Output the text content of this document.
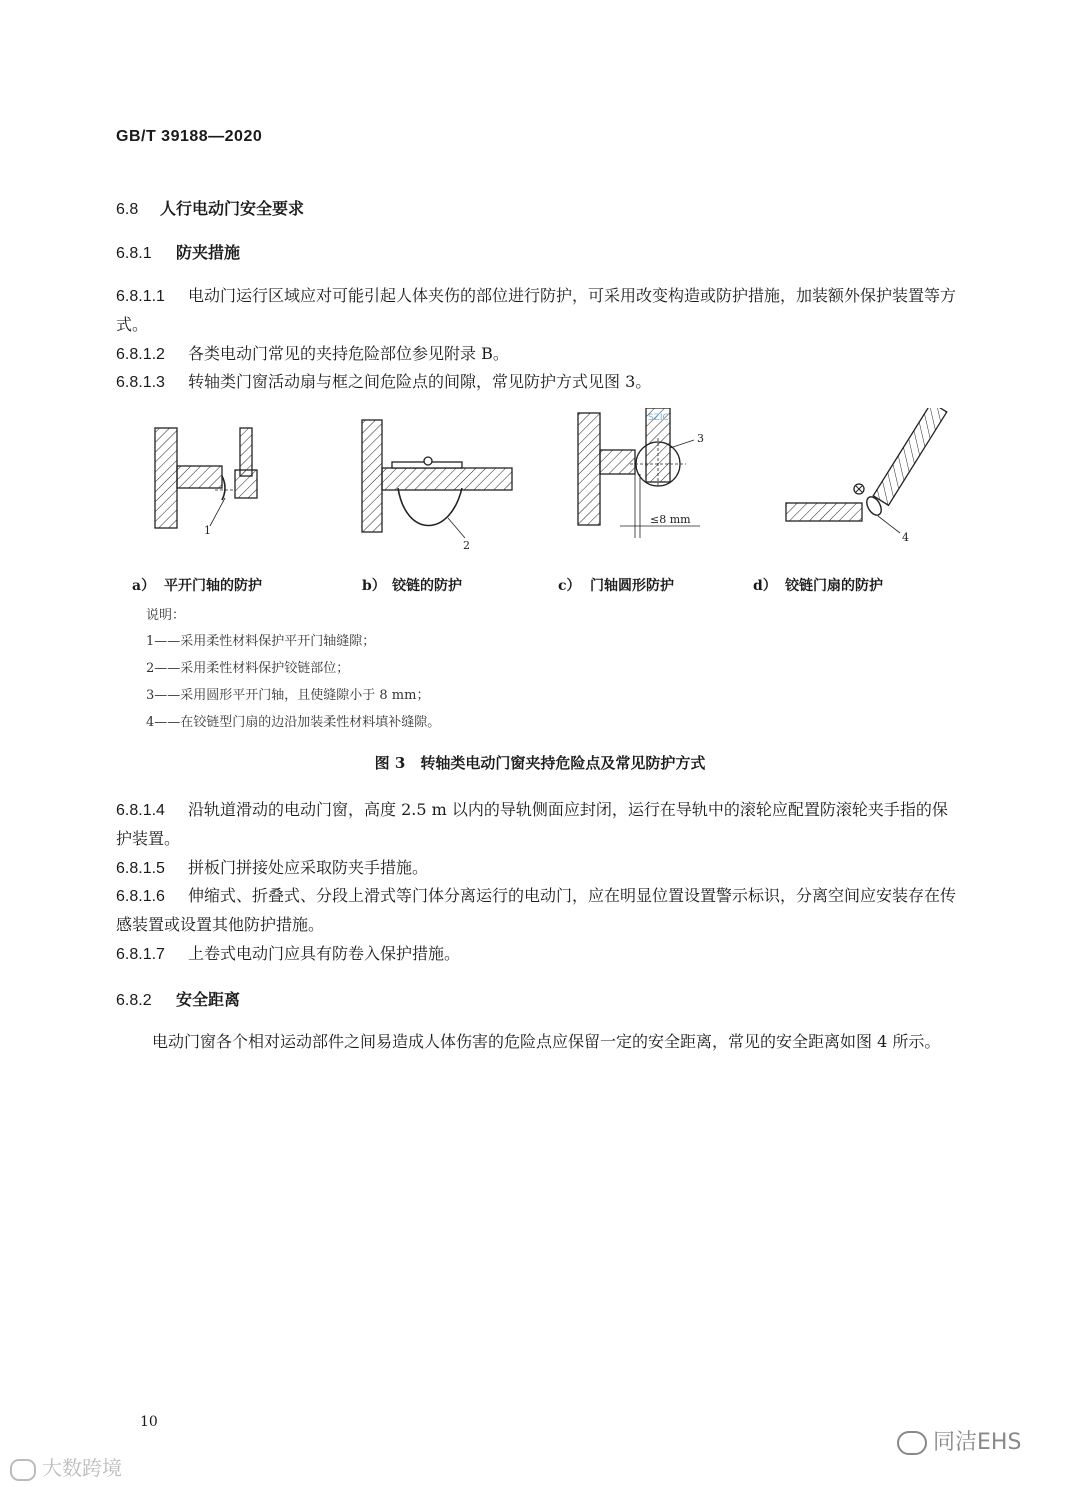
GB/T 39188—2020
6.8 人行电动门安全要求
6.8.1 防夹措施
6.8.1.1 电动门运行区域应对可能引起人体夹伤的部位进行防护，可采用改变构造或防护措施，加装额外保护装置等方式。
6.8.1.2 各类电动门常见的夹持危险部位参见附录 B。
6.8.1.3 转轴类门窗活动扇与框之间危险点的间隙，常见防护方式见图 3。
1
2
3
≤8 mm
SZIC
4
a） 平开门轴的防护	b） 铰链的防护	c） 门轴圆形防护	d） 铰链门扇的防护
说明：
1——采用柔性材料保护平开门轴缝隙；
2——采用柔性材料保护铰链部位；
3——采用圆形平开门轴，且使缝隙小于 8 mm；
4——在铰链型门扇的边沿加装柔性材料填补缝隙。
图 3　转轴类电动门窗夹持危险点及常见防护方式
6.8.1.4 沿轨道滑动的电动门窗，高度 2.5 m 以内的导轨侧面应封闭，运行在导轨中的滚轮应配置防滚轮夹手指的保护装置。
6.8.1.5 拼板门拼接处应采取防夹手措施。
6.8.1.6 伸缩式、折叠式、分段上滑式等门体分离运行的电动门，应在明显位置设置警示标识，分离空间应安装存在传感装置或设置其他防护措施。
6.8.1.7 上卷式电动门应具有防卷入保护措施。
6.8.2 安全距离
电动门窗各个相对运动部件之间易造成人体伤害的危险点应保留一定的安全距离，常见的安全距离如图 4 所示。
10
大数跨境
同洁EHS
